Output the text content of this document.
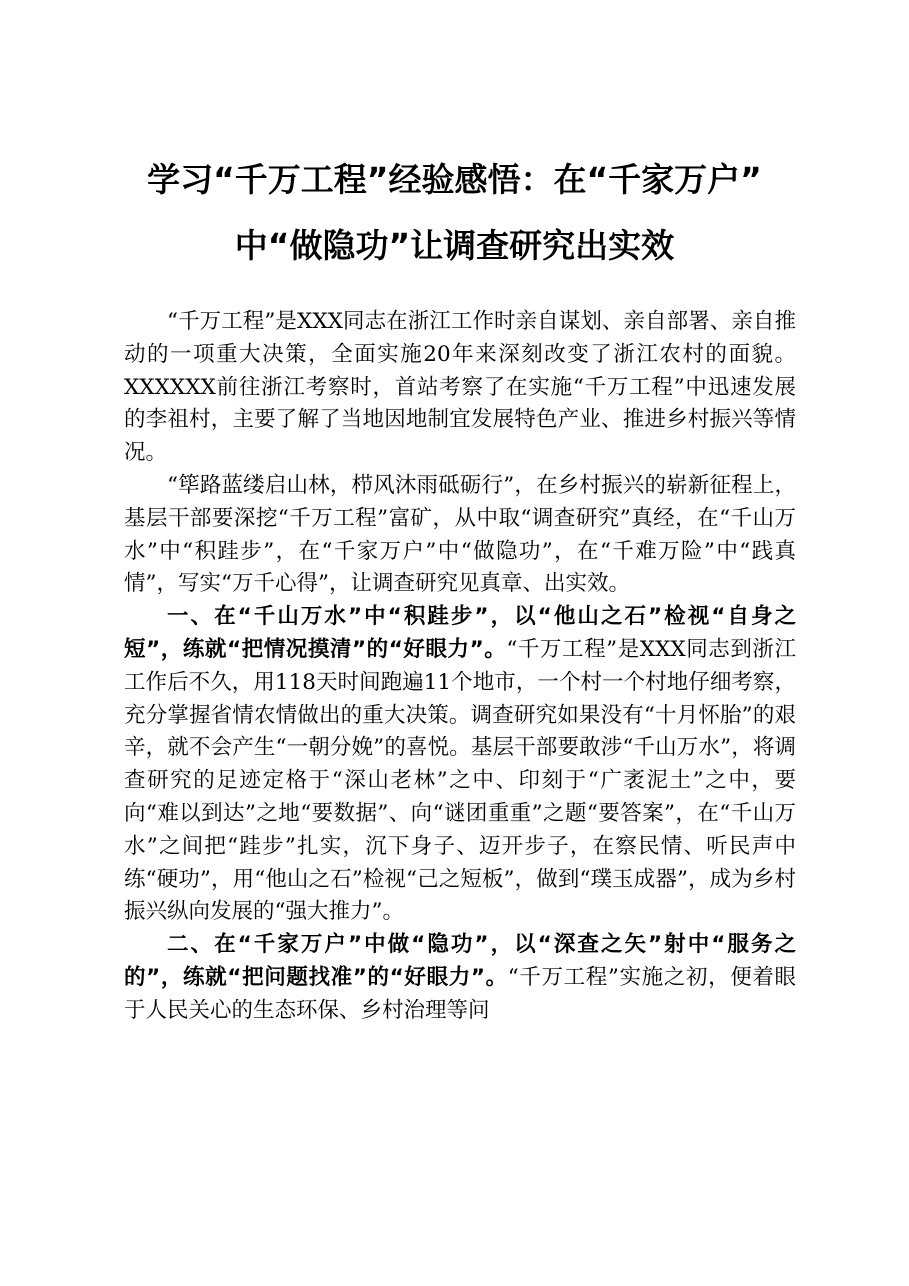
学习“千万工程”经验感悟：在“千家万户”
中“做隐功”让调查研究出实效

“千万工程”是XXX同志在浙江工作时亲自谋划、亲自部署、亲自推动的一项重大决策，全面实施20年来深刻改变了浙江农村的面貌。XXXXXX前往浙江考察时，首站考察了在实施“千万工程”中迅速发展的李祖村，主要了解了当地因地制宜发展特色产业、推进乡村振兴等情况。

“筚路蓝缕启山林，栉风沐雨砥砺行”，在乡村振兴的崭新征程上，基层干部要深挖“千万工程”富矿，从中取“调查研究”真经，在“千山万水”中“积跬步”，在“千家万户”中“做隐功”，在“千难万险”中“践真情”，写实“万千心得”，让调查研究见真章、出实效。

一、在“千山万水”中“积跬步”，以“他山之石”检视“自身之短”，练就“把情况摸清”的“好眼力”。“千万工程”是XXX同志到浙江工作后不久，用118天时间跑遍11个地市，一个村一个村地仔细考察，充分掌握省情农情做出的重大决策。调查研究如果没有“十月怀胎”的艰辛，就不会产生“一朝分娩”的喜悦。基层干部要敢涉“千山万水”，将调查研究的足迹定格于“深山老林”之中、印刻于“广袤泥土”之中，要向“难以到达”之地“要数据”、向“谜团重重”之题“要答案”，在“千山万水”之间把“跬步”扎实，沉下身子、迈开步子，在察民情、听民声中练“硬功”，用“他山之石”检视“己之短板”，做到“璞玉成器”，成为乡村振兴纵向发展的“强大推力”。

二、在“千家万户”中做“隐功”，以“深查之矢”射中“服务之的”，练就“把问题找准”的“好眼力”。“千万工程”实施之初，便着眼于人民关心的生态环保、乡村治理等问
